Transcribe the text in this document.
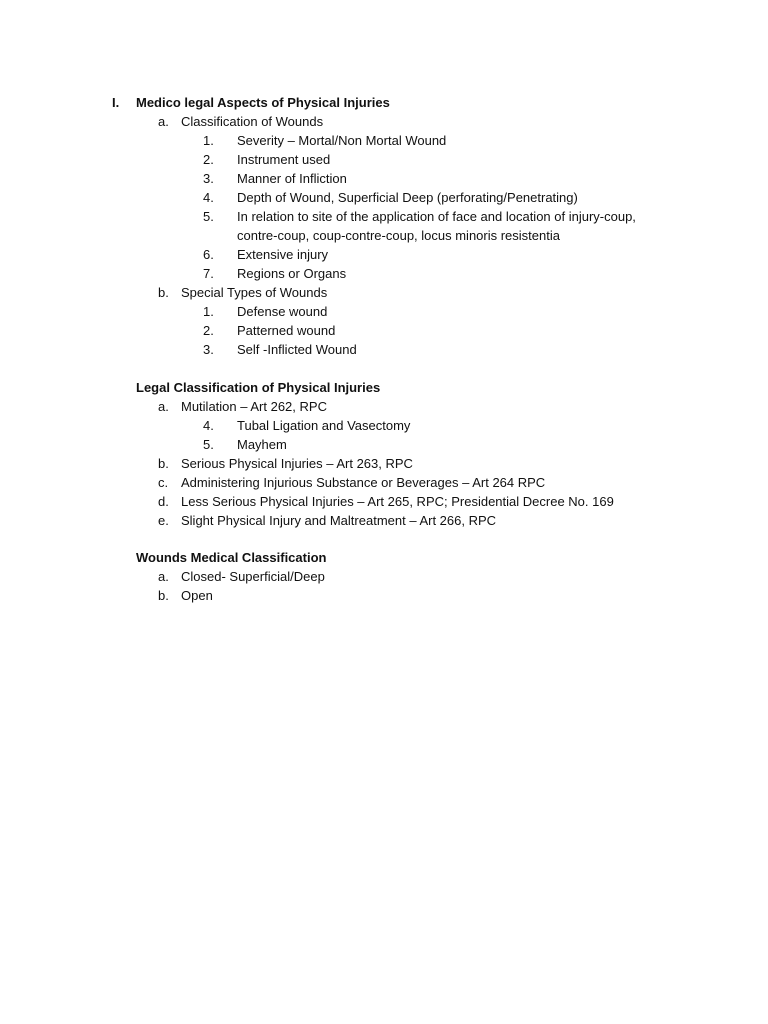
I. Medico legal Aspects of Physical Injuries
a. Classification of Wounds
1. Severity – Mortal/Non Mortal Wound
2. Instrument used
3. Manner of Infliction
4. Depth of Wound, Superficial Deep (perforating/Penetrating)
5. In relation to site of the application of face and location of injury-coup,
contre-coup, coup-contre-coup, locus minoris resistentia
6. Extensive injury
7. Regions or Organs
b. Special Types of Wounds
1. Defense wound
2. Patterned wound
3. Self -Inflicted Wound
Legal Classification of Physical Injuries
a. Mutilation – Art 262, RPC
4. Tubal Ligation and Vasectomy
5. Mayhem
b. Serious Physical Injuries – Art 263, RPC
c. Administering Injurious Substance or Beverages – Art 264 RPC
d. Less Serious Physical Injuries – Art 265, RPC; Presidential Decree No. 169
e. Slight Physical Injury and Maltreatment – Art 266, RPC
Wounds Medical Classification
a. Closed- Superficial/Deep
b. Open
